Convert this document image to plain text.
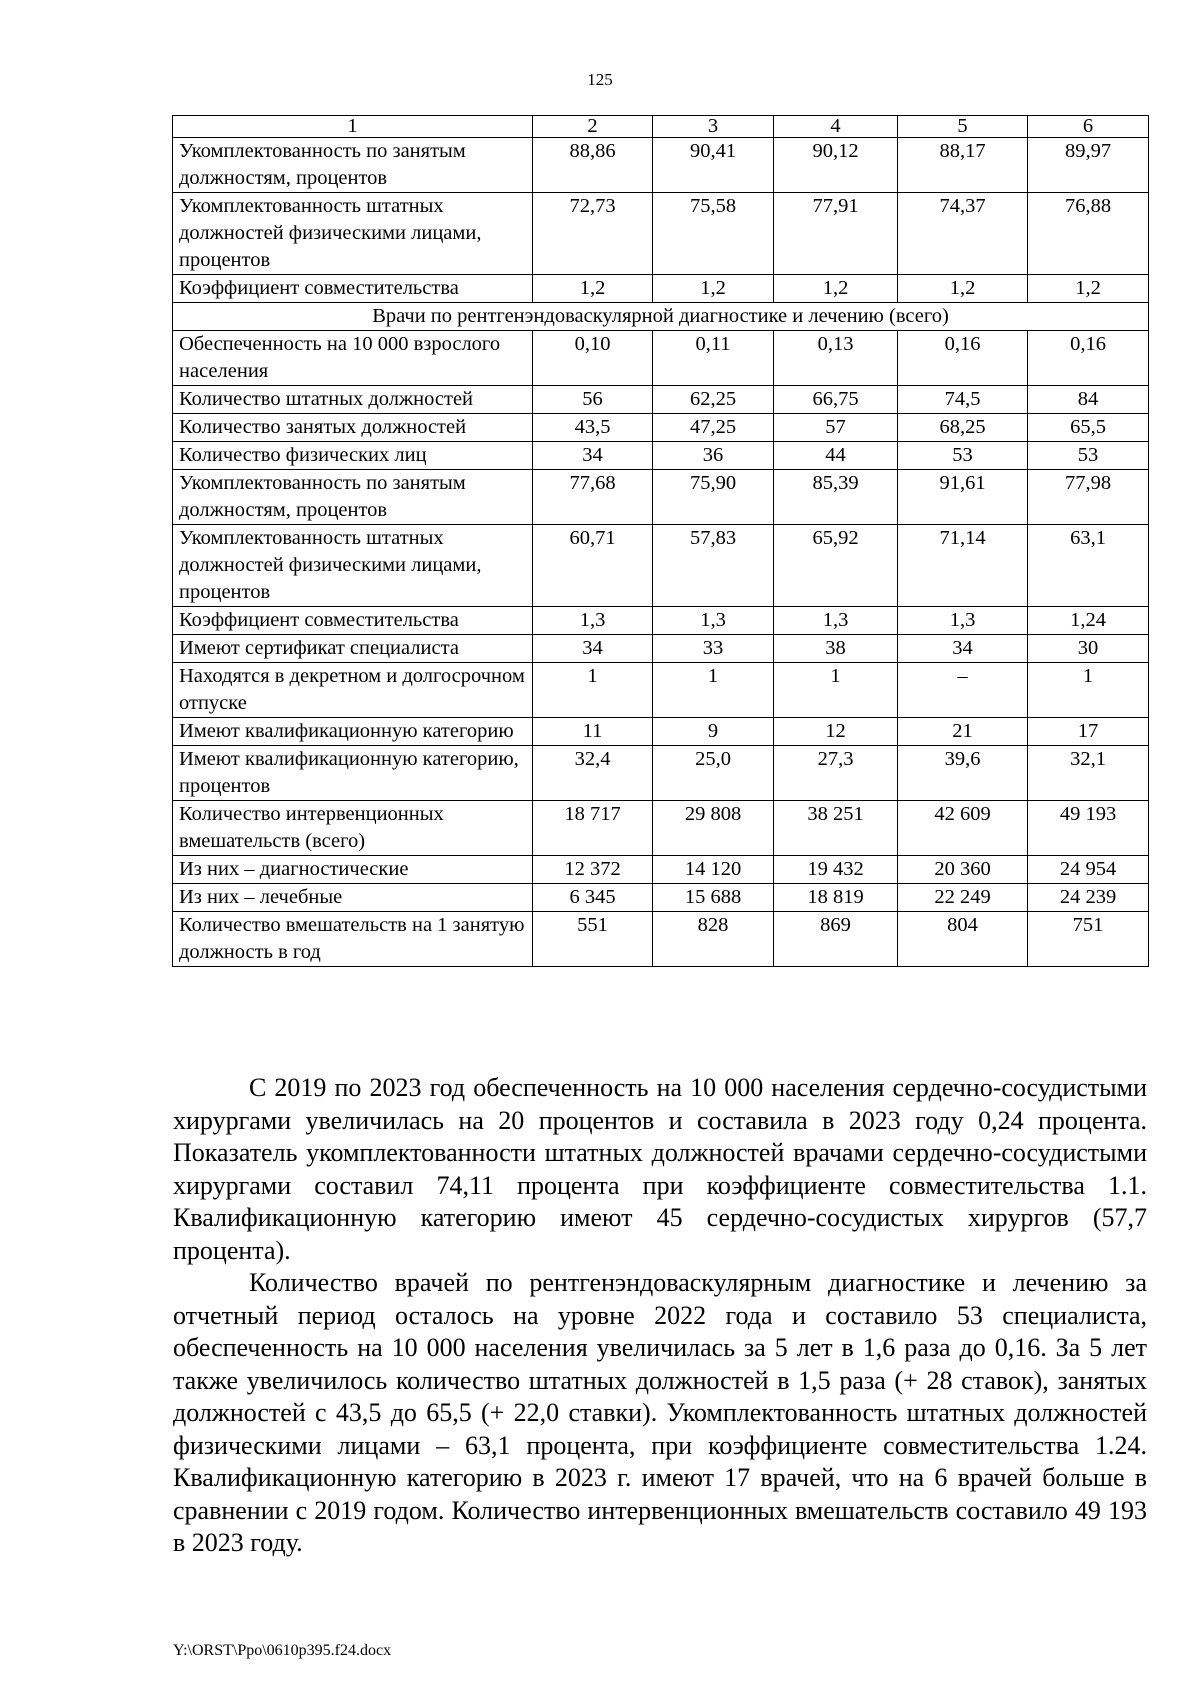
125
1	2	3	4	5	6
Укомплектованность по занятым должностям, процентов	88,86	90,41	90,12	88,17	89,97
Укомплектованность штатных должностей физическими лицами, процентов	72,73	75,58	77,91	74,37	76,88
Коэффициент совместительства	1,2	1,2	1,2	1,2	1,2
Врачи по рентгенэндоваскулярной диагностике и лечению (всего)					
Обеспеченность на 10 000 взрослого населения	0,10	0,11	0,13	0,16	0,16
Количество штатных должностей	56	62,25	66,75	74,5	84
Количество занятых должностей	43,5	47,25	57	68,25	65,5
Количество физических лиц	34	36	44	53	53
Укомплектованность по занятым должностям, процентов	77,68	75,90	85,39	91,61	77,98
Укомплектованность штатных должностей физическими лицами, процентов	60,71	57,83	65,92	71,14	63,1
Коэффициент совместительства	1,3	1,3	1,3	1,3	1,24
Имеют сертификат специалиста	34	33	38	34	30
Находятся в декретном и долгосрочном отпуске	1	1	1	–	1
Имеют квалификационную категорию	11	9	12	21	17
Имеют квалификационную категорию, процентов	32,4	25,0	27,3	39,6	32,1
Количество интервенционных вмешательств (всего)	18 717	29 808	38 251	42 609	49 193
Из них – диагностические	12 372	14 120	19 432	20 360	24 954
Из них – лечебные	6 345	15 688	18 819	22 249	24 239
Количество вмешательств на 1 занятую должность в год	551	828	869	804	751

С 2019 по 2023 год обеспеченность на 10 000 населения сердечно-сосудистыми хирургами увеличилась на 20 процентов и составила в 2023 году 0,24 процента. Показатель укомплектованности штатных должностей врачами сердечно-сосудистыми хирургами составил 74,11 процента при коэффициенте совместительства 1.1. Квалификационную категорию имеют 45 сердечно-сосудистых хирургов (57,7 процента).

Количество врачей по рентгенэндоваскулярным диагностике и лечению за отчетный период осталось на уровне 2022 года и составило 53 специалиста, обеспеченность на 10 000 населения увеличилась за 5 лет в 1,6 раза до 0,16. За 5 лет также увеличилось количество штатных должностей в 1,5 раза (+ 28 ставок), занятых должностей с 43,5 до 65,5 (+ 22,0 ставки). Укомплектованность штатных должностей физическими лицами – 63,1 процента, при коэффициенте совместительства 1.24. Квалификационную категорию в 2023 г. имеют 17 врачей, что на 6 врачей больше в сравнении с 2019 годом. Количество интервенционных вмешательств составило 49 193 в 2023 году.

Y:\ORST\Ppo\0610p395.f24.docx
